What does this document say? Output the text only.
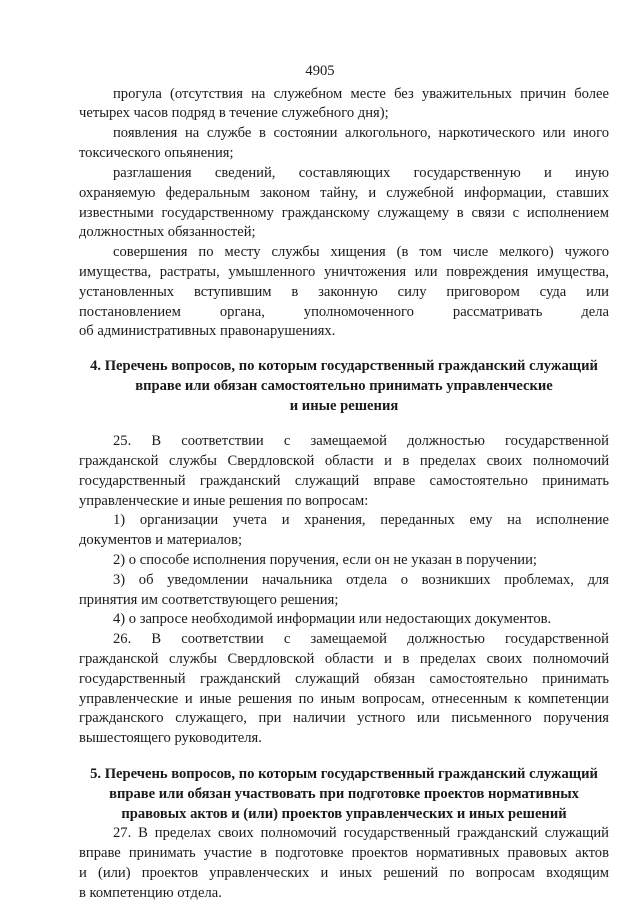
4905
прогула (отсутствия на служебном месте без уважительных причин более
четырех часов подряд в течение служебного дня);
появления на службе в состоянии алкогольного, наркотического или иного
токсического опьянения;
разглашения сведений, составляющих государственную и иную
охраняемую федеральным законом тайну, и служебной информации, ставших
известными государственному гражданскому служащему в связи с исполнением
должностных обязанностей;
совершения по месту службы хищения (в том числе мелкого) чужого
имущества, растраты, умышленного уничтожения или повреждения имущества,
установленных вступившим в законную силу приговором суда или
постановлением органа, уполномоченного рассматривать дела
об административных правонарушениях.
4. Перечень вопросов, по которым государственный гражданский служащий
вправе или обязан самостоятельно принимать управленческие
и иные решения
25. В соответствии с замещаемой должностью государственной
гражданской службы Свердловской области и в пределах своих полномочий
государственный гражданский служащий вправе самостоятельно принимать
управленческие и иные решения по вопросам:
1) организации учета и хранения, переданных ему на исполнение
документов и материалов;
2) о способе исполнения поручения, если он не указан в поручении;
3) об уведомлении начальника отдела о возникших проблемах, для
принятия им соответствующего решения;
4) о запросе необходимой информации или недостающих документов.
26. В соответствии с замещаемой должностью государственной
гражданской службы Свердловской области и в пределах своих полномочий
государственный гражданский служащий обязан самостоятельно принимать
управленческие и иные решения по иным вопросам, отнесенным к компетенции
гражданского служащего, при наличии устного или письменного поручения
вышестоящего руководителя.
5. Перечень вопросов, по которым государственный гражданский служащий
вправе или обязан участвовать при подготовке проектов нормативных
правовых актов и (или) проектов управленческих и иных решений
27. В пределах своих полномочий государственный гражданский служащий
вправе принимать участие в подготовке проектов нормативных правовых актов
и (или) проектов управленческих и иных решений по вопросам входящим
в компетенцию отдела.
